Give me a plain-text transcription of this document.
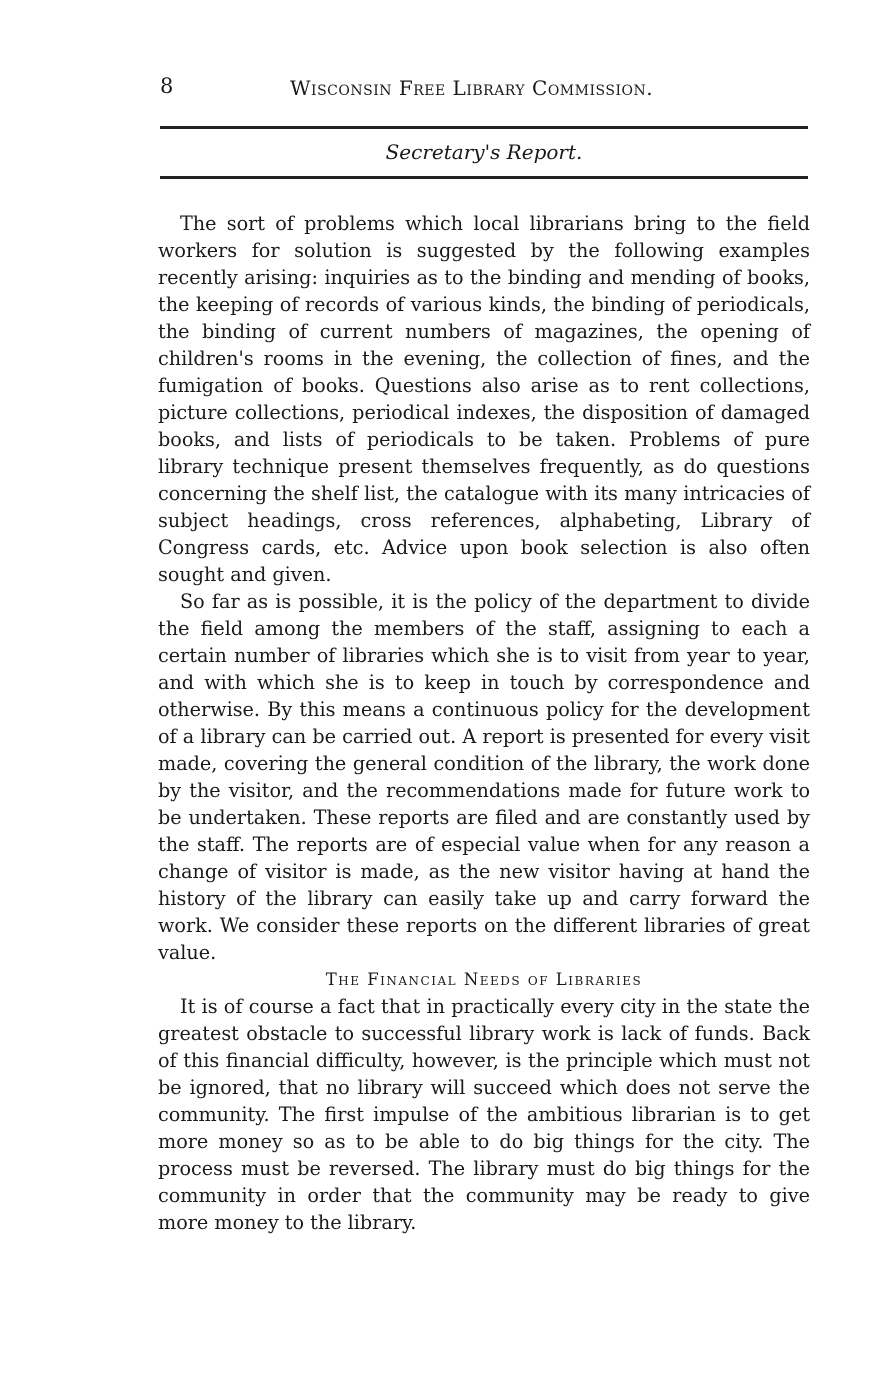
8	Wisconsin Free Library Commission.
Secretary's Report.

The sort of problems which local librarians bring to the field workers for solution is suggested by the following examples recently arising: inquiries as to the binding and mending of books, the keeping of records of various kinds, the binding of periodicals, the binding of current numbers of magazines, the opening of children's rooms in the evening, the collection of fines, and the fumigation of books. Questions also arise as to rent collections, picture collections, periodical indexes, the disposition of damaged books, and lists of periodicals to be taken. Problems of pure library technique present themselves frequently, as do questions concerning the shelf list, the catalogue with its many intricacies of subject headings, cross references, alphabeting, Library of Congress cards, etc. Advice upon book selection is also often sought and given.

So far as is possible, it is the policy of the department to divide the field among the members of the staff, assigning to each a certain number of libraries which she is to visit from year to year, and with which she is to keep in touch by correspondence and otherwise. By this means a continuous policy for the development of a library can be carried out. A report is presented for every visit made, covering the general condition of the library, the work done by the visitor, and the recommendations made for future work to be undertaken. These reports are filed and are constantly used by the staff. The reports are of especial value when for any reason a change of visitor is made, as the new visitor having at hand the history of the library can easily take up and carry forward the work. We consider these reports on the different libraries of great value.

The Financial Needs of Libraries

It is of course a fact that in practically every city in the state the greatest obstacle to successful library work is lack of funds. Back of this financial difficulty, however, is the principle which must not be ignored, that no library will succeed which does not serve the community. The first impulse of the ambitious librarian is to get more money so as to be able to do big things for the city. The process must be reversed. The library must do big things for the community in order that the community may be ready to give more money to the library.
